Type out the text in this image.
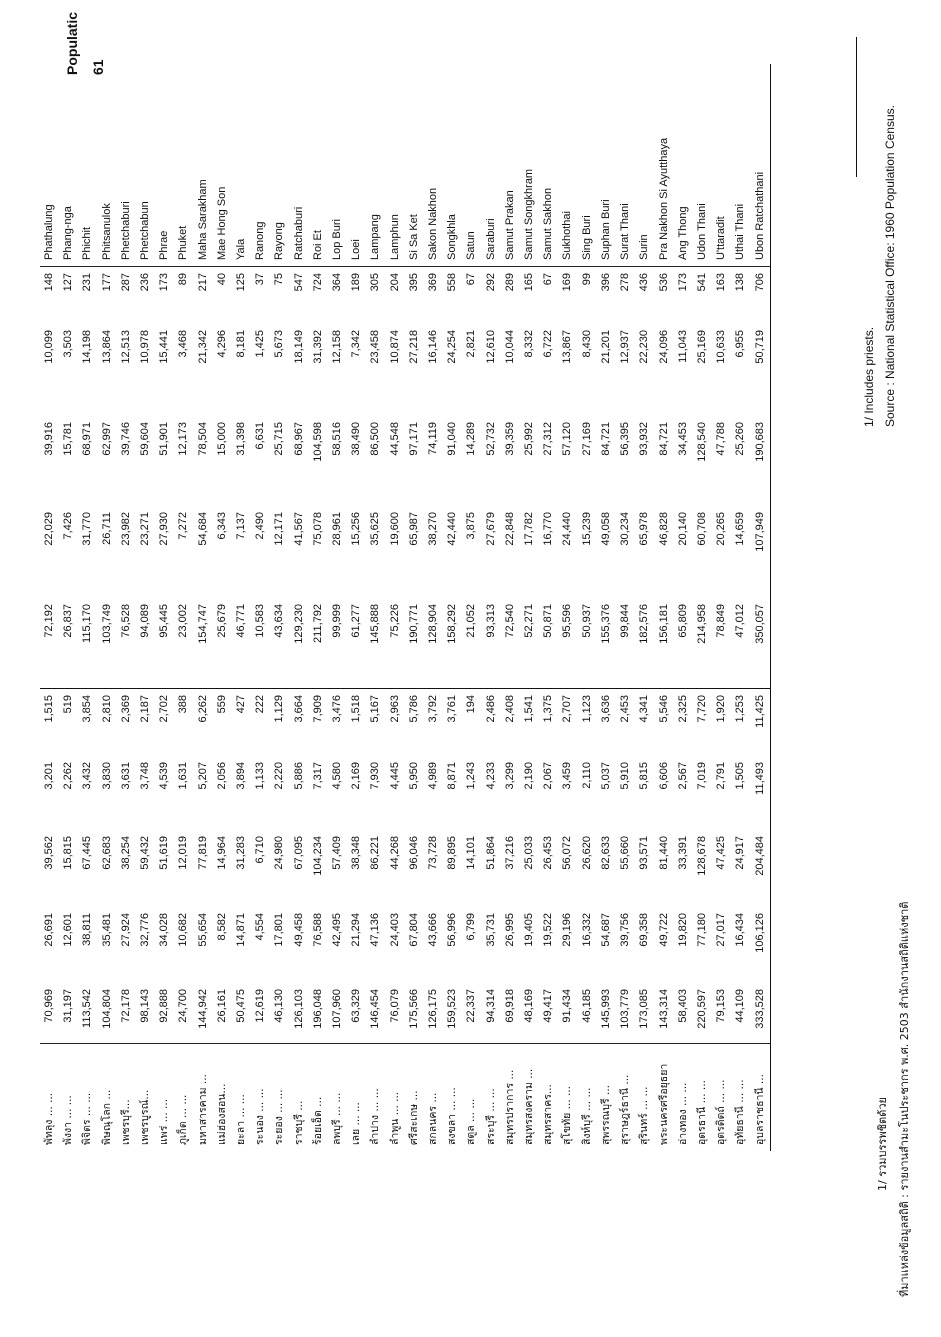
Populatic 61
พัทลุง ... ...	70,969	26,691	39,562	3,201	1,515	72,192	22,029	39,916	10,099	148	Phathalung
พังงา ... ...	31,197	12,601	15,815	2,262	519	26,837	7,426	15,781	3,503	127	Phang-nga
พิจิตร ... ...	113,542	38,811	67,445	3,432	3,854	115,170	31,770	68,971	14,198	231	Phichit
พิษณุโลก ...	104,804	35,481	62,683	3,830	2,810	103,749	26,711	62,997	13,864	177	Phitsanulok
เพชรบุรี...	72,178	27,924	38,254	3,631	2,369	76,528	23,982	39,746	12,513	287	Phetchaburi
เพชรบูรณ์...	98,143	32,776	59,432	3,748	2,187	94,089	23,271	59,604	10,978	236	Phetchabun
แพร่ ... ...	92,888	34,028	51,619	4,539	2,702	95,445	27,930	51,901	15,441	173	Phrae
ภูเก็ต ... ...	24,700	10,682	12,019	1,631	388	23,002	7,272	12,173	3,468	89	Phuket
มหาสารคาม ...	144,942	55,654	77,819	5,207	6,262	154,747	54,684	78,504	21,342	217	Maha Sarakham
แม่ฮ่องสอน...	26,161	8,582	14,964	2,056	559	25,679	6,343	15,000	4,296	40	Mae Hong Son
ยะลา ... ...	50,475	14,871	31,283	3,894	427	46,771	7,137	31,398	8,181	125	Yala
ระนอง ... ...	12,619	4,554	6,710	1,133	222	10,583	2,490	6,631	1,425	37	Ranong
ระยอง ... ...	46,130	17,801	24,980	2,220	1,129	43,634	12,171	25,715	5,673	75	Rayong
ราชบุรี ...	126,103	49,458	67,095	5,886	3,664	129,230	41,567	68,967	18,149	547	Ratchaburi
ร้อยเอ็ด ...	196,048	76,588	104,234	7,317	7,909	211,792	75,078	104,598	31,392	724	Roi Et
ลพบุรี ... ...	107,960	42,495	57,409	4,580	3,476	99,999	28,961	58,516	12,158	364	Lop Buri
เลย ... ...	63,329	21,294	38,348	2,169	1,518	61,277	15,256	38,490	7,342	189	Loei
ลำปาง ... ...	146,454	47,136	86,221	7,930	5,167	145,888	35,625	86,500	23,458	305	Lampang
ลำพูน ... ...	76,079	24,403	44,268	4,445	2,963	75,226	19,600	44,548	10,874	204	Lamphun
ศรีสะเกษ ...	175,566	67,804	96,046	5,950	5,786	190,771	65,987	97,171	27,218	395	Si Sa Ket
สกลนคร ...	126,175	43,666	73,728	4,989	3,792	128,904	38,270	74,119	16,146	369	Sakon Nakhon
สงขลา ... ...	159,523	56,996	89,895	8,871	3,761	158,292	42,440	91,040	24,254	558	Songkhla
สตูล ... ...	22,337	6,799	14,101	1,243	194	21,052	3,875	14,289	2,821	67	Satun
สระบุรี ... ...	94,314	35,731	51,864	4,233	2,486	93,313	27,679	52,732	12,610	292	Saraburi
สมุทรปราการ ...	69,918	26,995	37,216	3,299	2,408	72,540	22,848	39,359	10,044	289	Samut Prakan
สมุทรสงคราม ...	48,169	19,405	25,033	2,190	1,541	52,271	17,782	25,992	8,332	165	Samut Songkhram
สมุทรสาคร...	49,417	19,522	26,453	2,067	1,375	50,871	16,770	27,312	6,722	67	Samut Sakhon
สุโขทัย ... ...	91,434	29,196	56,072	3,459	2,707	95,596	24,440	57,120	13,867	169	Sukhothai
สิงห์บุรี ... ...	46,185	16,332	26,620	2,110	1,123	50,937	15,239	27,169	8,430	99	Sing Buri
สุพรรณบุรี ...	145,993	54,687	82,633	5,037	3,636	155,376	49,058	84,721	21,201	396	Suphan Buri
สุราษฎร์ธานี ...	103,779	39,756	55,660	5,910	2,453	99,844	30,234	56,395	12,937	278	Surat Thani
สุรินทร์ ... ...	173,085	69,358	93,571	5,815	4,341	182,576	65,978	93,932	22,230	436	Surin
พระนครศรีอยุธยา	143,314	49,722	81,440	6,606	5,546	156,181	46,828	84,721	24,096	536	Pra Nakhon Si Ayutthaya
อ่างทอง ... ...	58,403	19,820	33,391	2,567	2,325	65,809	20,140	34,453	11,043	173	Ang Thong
อุดรธานี ... ...	220,597	77,180	128,678	7,019	7,720	214,958	60,708	128,540	25,169	541	Udon Thani
อุตรดิตถ์ ... ...	79,153	27,017	47,425	2,791	1,920	78,849	20,265	47,788	10,633	163	U'ttaradit
อุทัยธานี ... ...	44,109	16,434	24,917	1,505	1,253	47,012	14,659	25,260	6,955	138	Uthai Thani
อุบลราชธานี ...	333,528	106,126	204,484	11,493	11,425	350,057	107,949	190,683	50,719	706	Ubon Ratchathani
1/ รวมบรรพชิตด้วย ที่มาแหล่งข้อมูลสถิติ : รายงานสำมะโนประชากร พ.ศ. 2503 สำนักงานสถิติแห่งชาติ
1/ Includes priests. Source : National Statistical Office: 1960 Population Census.
